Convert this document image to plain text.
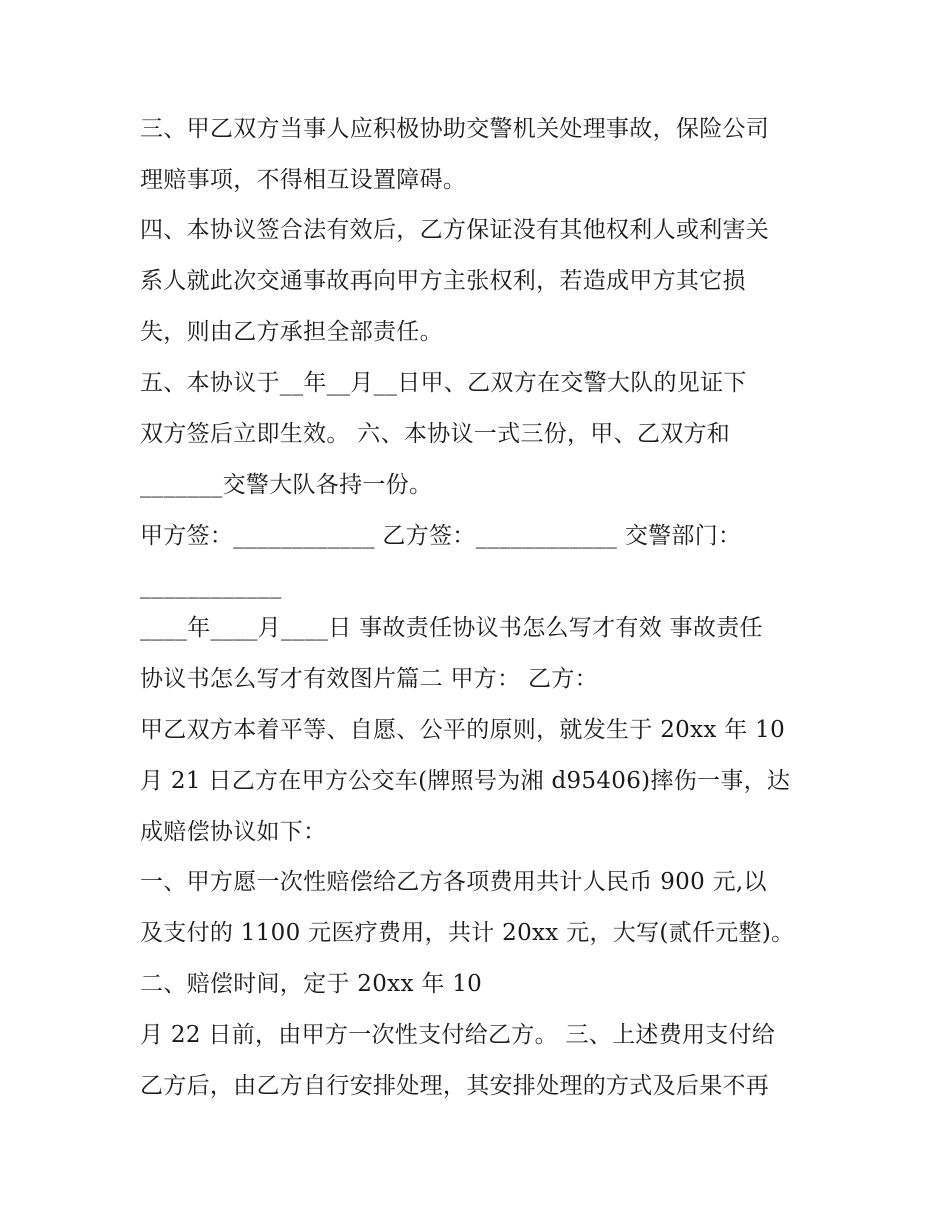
三、甲乙双方当事人应积极协助交警机关处理事故，保险公司
理赔事项，不得相互设置障碍。
四、本协议签合法有效后，乙方保证没有其他权利人或利害关
系人就此次交通事故再向甲方主张权利，若造成甲方其它损
失，则由乙方承担全部责任。
五、本协议于__年__月__日甲、乙双方在交警大队的见证下
双方签后立即生效。 六、本协议一式三份，甲、乙双方和
_______交警大队各持一份。
甲方签：____________ 乙方签：____________ 交警部门：
____________
____年____月____日 事故责任协议书怎么写才有效 事故责任
协议书怎么写才有效图片篇二 甲方： 乙方：
甲乙双方本着平等、自愿、公平的原则，就发生于 20xx 年 10
月 21 日乙方在甲方公交车(牌照号为湘 d95406)摔伤一事，达
成赔偿协议如下：
一、甲方愿一次性赔偿给乙方各项费用共计人民币 900 元,以
及支付的 1100 元医疗费用，共计 20xx 元，大写(贰仟元整)。
二、赔偿时间，定于 20xx 年 10
月 22 日前，由甲方一次性支付给乙方。 三、上述费用支付给
乙方后，由乙方自行安排处理，其安排处理的方式及后果不再
